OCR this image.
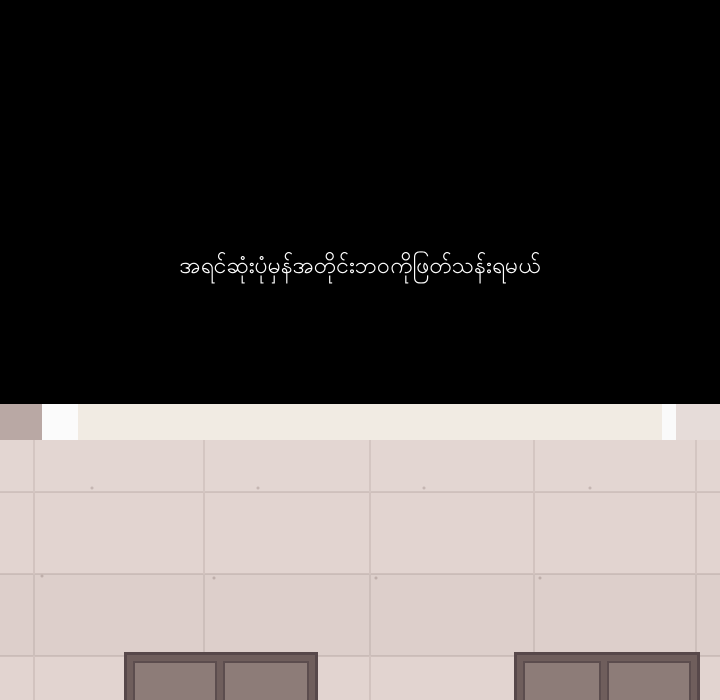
အရင်ဆုံးပုံမှန်အတိုင်းဘဝကိုဖြတ်သန်းရမယ်
